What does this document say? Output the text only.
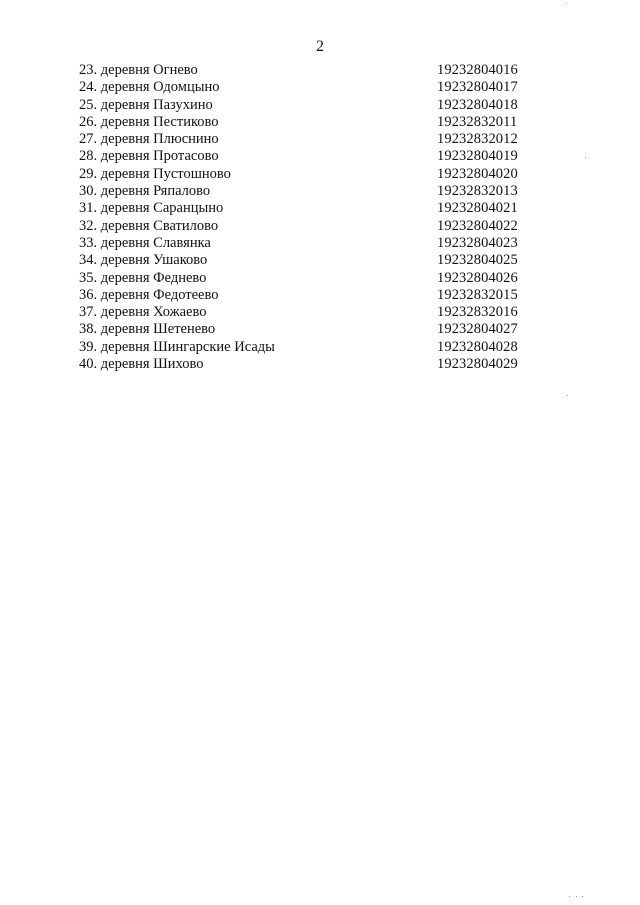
2
23. деревня Огнево	19232804016
24. деревня Одомцыно	19232804017
25. деревня Пазухино	19232804018
26. деревня Пестиково	19232832011
27. деревня Плюснино	19232832012
28. деревня Протасово	19232804019
29. деревня Пустошново	19232804020
30. деревня Ряпалово	19232832013
31. деревня Саранцыно	19232804021
32. деревня Сватилово	19232804022
33. деревня Славянка	19232804023
34. деревня Ушаково	19232804025
35. деревня Феднево	19232804026
36. деревня Федотеево	19232832015
37. деревня Хожаево	19232832016
38. деревня Шетенево	19232804027
39. деревня Шингарские Исады	19232804028
40. деревня Шихово	19232804029
